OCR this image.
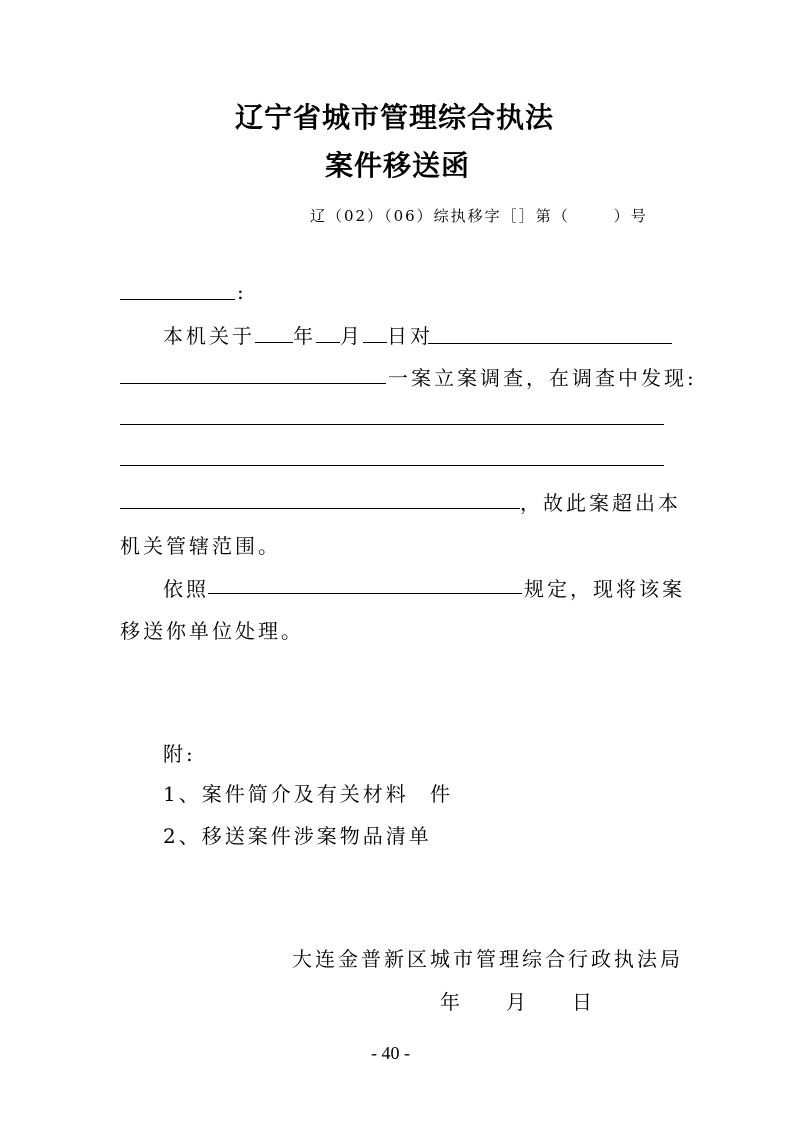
辽宁省城市管理综合执法
案件移送函
辽（02）（06）综执移字［］第（	）号
:
本机关于 年 月 日对
一案立案调查，在调查中发现:
，故此案超出本
机关管辖范围。
依照	规定，现将该案
移送你单位处理。
附:
1、案件简介及有关材料 件
2、移送案件涉案物品清单
大连金普新区城市管理综合行政执法局
年 月 日
- 40 -
